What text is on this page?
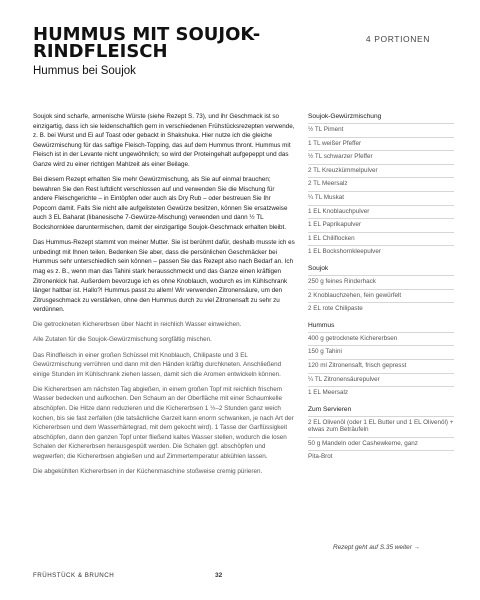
HUMMUS MIT SOUJOK-RINDFLEISCH
Hummus bei Soujok
4 PORTIONEN

Soujok sind scharfe, armenische Würste (siehe Rezept S. 73), und ihr Geschmack ist so einzigartig, dass ich sie leidenschaftlich gern in verschiedenen Frühstücksrezepten verwende, z. B. bei Wurst und Ei auf Toast oder gebackt in Shakshuka. Hier nutze ich die gleiche Gewürzmischung für das saftige Fleisch-Topping, das auf dem Hummus thront. Hummus mit Fleisch ist in der Levante nicht ungewöhnlich; so wird der Proteingehalt aufgepeppt und das Ganze wird zu einer richtigen Mahlzeit als einer Beilage.

Bei diesem Rezept erhalten Sie mehr Gewürzmischung, als Sie auf einmal brauchen; bewahren Sie den Rest luftdicht verschlossen auf und verwenden Sie die Mischung für andere Fleischgerichte – in Eintöpfen oder auch als Dry Rub – oder bestreuen Sie Ihr Popcorn damit. Falls Sie nicht alle aufgelisteten Gewürze besitzen, können Sie ersatzweise auch 3 EL Baharat (libanesische 7-Gewürze-Mischung) verwenden und dann ½ TL Bockshornklee daruntermischen, damit der einzigartige Soujok-Geschmack erhalten bleibt.

Das Hummus-Rezept stammt von meiner Mutter. Sie ist berühmt dafür, deshalb musste ich es unbedingt mit Ihnen teilen. Bedenken Sie aber, dass die persönlichen Geschmäcker bei Hummus sehr unterschiedlich sein können – passen Sie das Rezept also nach Bedarf an. Ich mag es z. B., wenn man das Tahini stark herausschmeckt und das Ganze einen kräftigen Zitronenkick hat. Außerdem bevorzuge ich es ohne Knoblauch, wodurch es im Kühlschrank länger haltbar ist. Hallo?! Hummus passt zu allem! Wir verwenden Zitronensäure, um den Zitrusgeschmack zu verstärken, ohne den Hummus durch zu viel Zitronensaft zu sehr zu verdünnen.

Die getrockneten Kichererbsen über Nacht in reichlich Wasser einweichen.

Alle Zutaten für die Soujok-Gewürzmischung sorgfältig mischen.

Das Rindfleisch in einer großen Schüssel mit Knoblauch, Chilipaste und 3 EL Gewürzmischung verrühren und dann mit den Händen kräftig durchkneten. Anschließend einige Stunden im Kühlschrank ziehen lassen, damit sich die Aromen entwickeln können.

Die Kichererbsen am nächsten Tag abgießen, in einem großen Topf mit reichlich frischem Wasser bedecken und aufkochen. Den Schaum an der Oberfläche mit einer Schaumkelle abschöpfen. Die Hitze dann reduzieren und die Kichererbsen 1 ½–2 Stunden ganz weich kochen, bis sie fast zerfallen (die tatsächliche Garzeit kann enorm schwanken, je nach Art der Kichererbsen und dem Wasserhärtegrad, mit dem gekocht wird). 1 Tasse der Garflüssigkeit abschöpfen, dann den ganzen Topf unter fließend kaltes Wasser stellen, wodurch die losen Schalen der Kichererbsen herausgespült werden. Die Schalen ggf. abschöpfen und wegwerfen; die Kichererbsen abgießen und auf Zimmertemperatur abkühlen lassen.

Die abgekühlten Kichererbsen in der Küchenmaschine stoßweise cremig pürieren.

Soujok-Gewürzmischung
½ TL Piment
1 TL weißer Pfeffer
½ TL schwarzer Pfeffer
2 TL Kreuzkümmelpulver
2 TL Meersalz
¼ TL Muskat
1 EL Knoblauchpulver
1 EL Paprikapulver
1 EL Chiliflocken
1 EL Bockshornkleepulver
Soujok
250 g feines Rinderhack
2 Knoblauchzehen, fein gewürfelt
2 EL rote Chilipaste
Hummus
400 g getrocknete Kichererbsen
150 g Tahini
120 ml Zitronensaft, frisch gepresst
¼ TL Zitronensäurepulver
1 EL Meersalz
Zum Servieren
2 EL Olivenöl (oder 1 EL Butter und 1 EL Olivenöl) + etwas zum Beträufeln
50 g Mandeln oder Cashewkerne, ganz
Pita-Brot
Rezept geht auf S.35 weiter →
FRÜHSTÜCK & BRUNCH	32
